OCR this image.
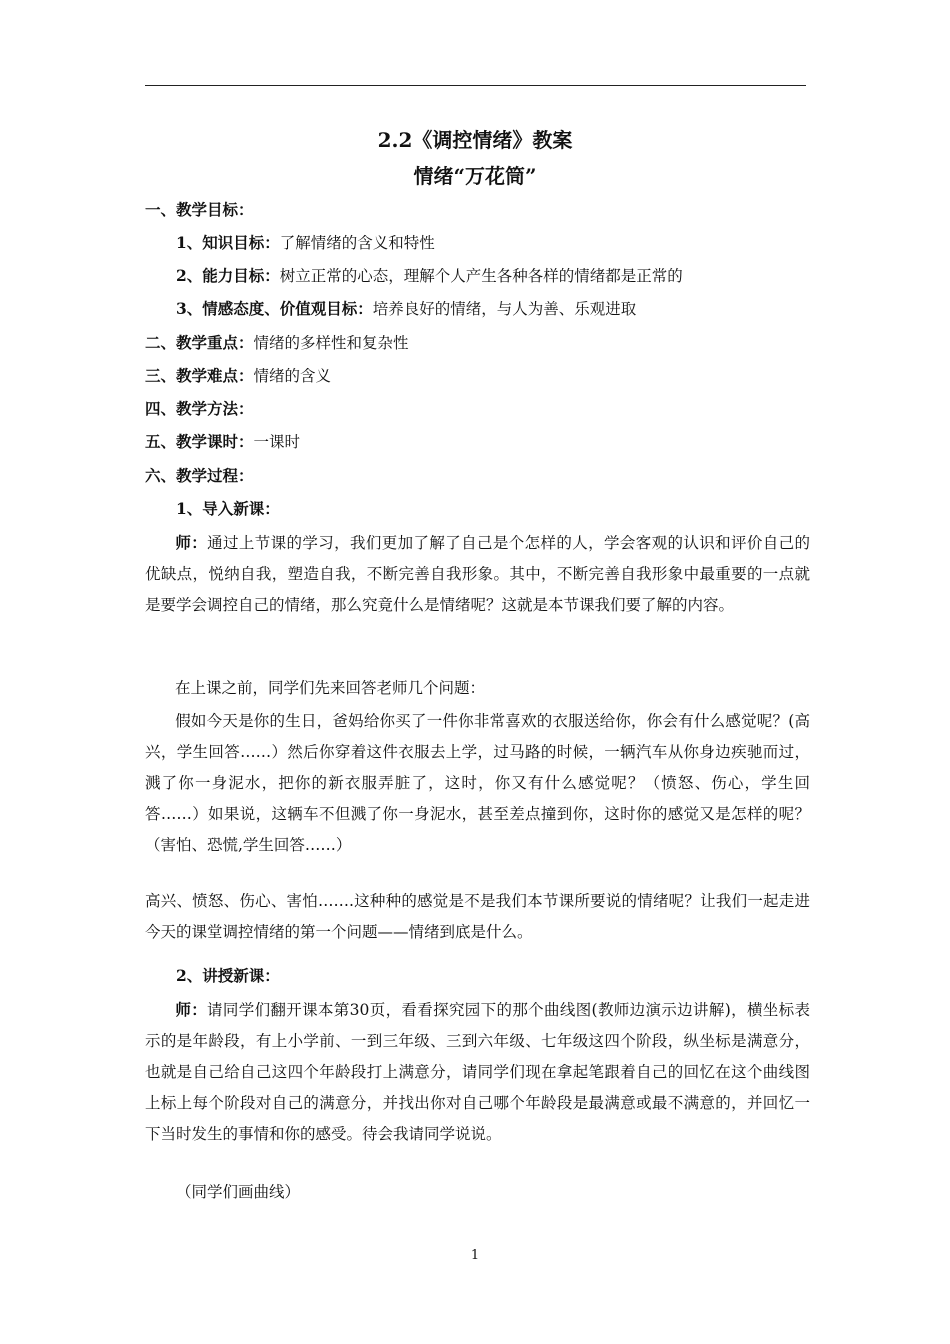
2.2《调控情绪》教案
情绪“万花筒”
一、教学目标：
1、知识目标：了解情绪的含义和特性
2、能力目标：树立正常的心态，理解个人产生各种各样的情绪都是正常的
3、情感态度、价值观目标：培养良好的情绪，与人为善、乐观进取
二、教学重点：情绪的多样性和复杂性
三、教学难点：情绪的含义
四、教学方法：
五、教学课时：一课时
六、教学过程：
1、导入新课：
师：通过上节课的学习，我们更加了解了自己是个怎样的人，学会客观的认识和评价自己的优缺点，悦纳自我，塑造自我，不断完善自我形象。其中，不断完善自我形象中最重要的一点就是要学会调控自己的情绪，那么究竟什么是情绪呢？这就是本节课我们要了解的内容。
在上课之前，同学们先来回答老师几个问题：
假如今天是你的生日，爸妈给你买了一件你非常喜欢的衣服送给你，你会有什么感觉呢？(高兴，学生回答……）然后你穿着这件衣服去上学，过马路的时候，一辆汽车从你身边疾驰而过，溅了你一身泥水，把你的新衣服弄脏了，这时，你又有什么感觉呢？（愤怒、伤心，学生回答……）如果说，这辆车不但溅了你一身泥水，甚至差点撞到你，这时你的感觉又是怎样的呢？（害怕、恐慌,学生回答……）
高兴、愤怒、伤心、害怕…….这种种的感觉是不是我们本节课所要说的情绪呢？让我们一起走进今天的课堂调控情绪的第一个问题——情绪到底是什么。
2、讲授新课：
师：请同学们翻开课本第30页，看看探究园下的那个曲线图(教师边演示边讲解)，横坐标表示的是年龄段，有上小学前、一到三年级、三到六年级、七年级这四个阶段，纵坐标是满意分，也就是自己给自己这四个年龄段打上满意分，请同学们现在拿起笔跟着自己的回忆在这个曲线图上标上每个阶段对自己的满意分，并找出你对自己哪个年龄段是最满意或最不满意的，并回忆一下当时发生的事情和你的感受。待会我请同学说说。
（同学们画曲线）
1
